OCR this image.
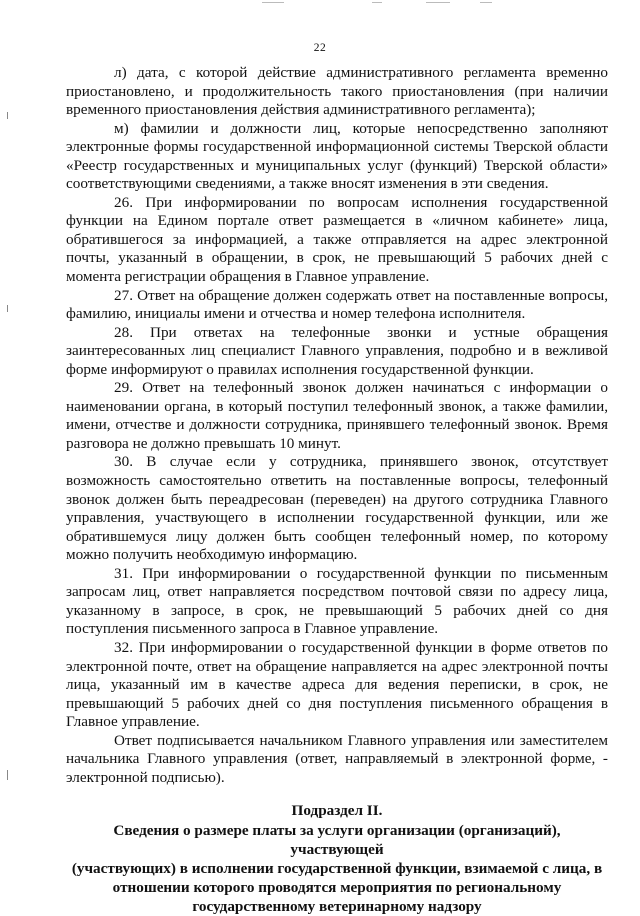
22

л) дата, с которой действие административного регламента временно приостановлено, и продолжительность такого приостановления (при наличии временного приостановления действия административного регламента);

м) фамилии и должности лиц, которые непосредственно заполняют электронные формы государственной информационной системы Тверской области «Реестр государственных и муниципальных услуг (функций) Тверской области» соответствующими сведениями, а также вносят изменения в эти сведения.

26. При информировании по вопросам исполнения государственной функции на Едином портале ответ размещается в «личном кабинете» лица, обратившегося за информацией, а также отправляется на адрес электронной почты, указанный в обращении, в срок, не превышающий 5 рабочих дней с момента регистрации обращения в Главное управление.

27. Ответ на обращение должен содержать ответ на поставленные вопросы, фамилию, инициалы имени и отчества и номер телефона исполнителя.

28. При ответах на телефонные звонки и устные обращения заинтересованных лиц специалист Главного управления, подробно и в вежливой форме информируют о правилах исполнения государственной функции.

29. Ответ на телефонный звонок должен начинаться с информации о наименовании органа, в который поступил телефонный звонок, а также фамилии, имени, отчестве и должности сотрудника, принявшего телефонный звонок. Время разговора не должно превышать 10 минут.

30. В случае если у сотрудника, принявшего звонок, отсутствует возможность самостоятельно ответить на поставленные вопросы, телефонный звонок должен быть переадресован (переведен) на другого сотрудника Главного управления, участвующего в исполнении государственной функции, или же обратившемуся лицу должен быть сообщен телефонный номер, по которому можно получить необходимую информацию.

31. При информировании о государственной функции по письменным запросам лиц, ответ направляется посредством почтовой связи по адресу лица, указанному в запросе, в срок, не превышающий 5 рабочих дней со дня поступления письменного запроса в Главное управление.

32. При информировании о государственной функции в форме ответов по электронной почте, ответ на обращение направляется на адрес электронной почты лица, указанный им в качестве адреса для ведения переписки, в срок, не превышающий 5 рабочих дней со дня поступления письменного обращения в Главное управление.

Ответ подписывается начальником Главного управления или заместителем начальника Главного управления (ответ, направляемый в электронной форме, - электронной подписью).

Подраздел II.
Сведения о размере платы за услуги организации (организаций), участвующей
(участвующих) в исполнении государственной функции, взимаемой с лица, в
отношении которого проводятся мероприятия по региональному
государственному ветеринарному надзору
